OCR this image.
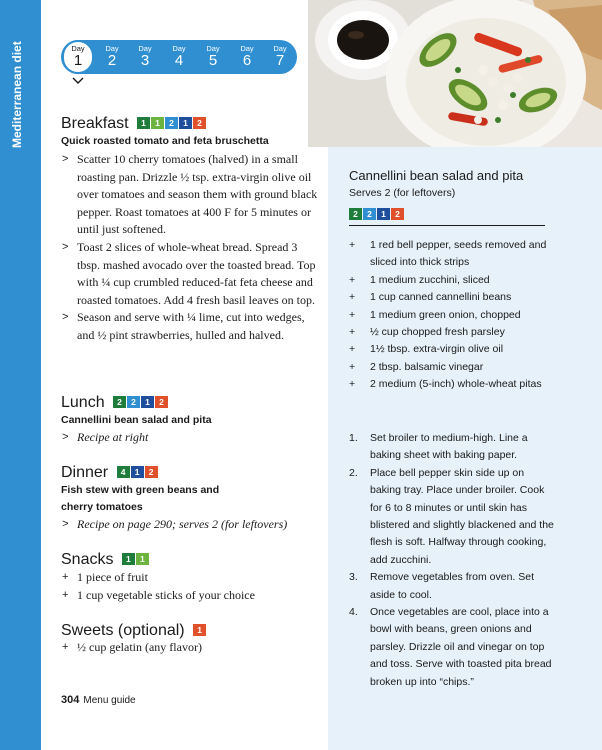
Mediterranean diet	Day
1
Day
2
Day
3
Day
4
Day
5
Day
6
Day
7
Breakfast 1 1 2 1 2
Quick roasted tomato and feta bruschetta
> Scatter 10 cherry tomatoes (halved) in a small roasting pan. Drizzle ½ tsp. extra-virgin olive oil over tomatoes and season them with ground black pepper. Roast tomatoes at 400 F for 5 minutes or until just softened.
> Toast 2 slices of whole-wheat bread. Spread 3 tbsp. mashed avocado over the toasted bread. Top with ¼ cup crumbled reduced-fat feta cheese and roasted tomatoes. Add 4 fresh basil leaves on top.
> Season and serve with ¼ lime, cut into wedges, and ½ pint strawberries, hulled and halved.
Lunch 2 2 1 2
Cannellini bean salad and pita
> Recipe at right
Dinner 4 1 2
Fish stew with green beans and
cherry tomatoes
> Recipe on page 290; serves 2 (for leftovers)
Snacks 1 1
+ 1 piece of fruit
+ 1 cup vegetable sticks of your choice
Sweets (optional) 1
+ ½ cup gelatin (any flavor)
304 Menu guide
Cannellini bean salad and pita
Serves 2 (for leftovers)
2 2 1 2
+ 1 red bell pepper, seeds removed and sliced into thick strips
+ 1 medium zucchini, sliced
+ 1 cup canned cannellini beans
+ 1 medium green onion, chopped
+ ½ cup chopped fresh parsley
+ 1½ tbsp. extra-virgin olive oil
+ 2 tbsp. balsamic vinegar
+ 2 medium (5-inch) whole-wheat pitas
1. Set broiler to medium-high. Line a baking sheet with baking paper.
2. Place bell pepper skin side up on baking tray. Place under broiler. Cook for 6 to 8 minutes or until skin has blistered and slightly blackened and the flesh is soft. Halfway through cooking, add zucchini.
3. Remove vegetables from oven. Set aside to cool.
4. Once vegetables are cool, place into a bowl with beans, green onions and parsley. Drizzle oil and vinegar on top and toss. Serve with toasted pita bread broken up into “chips.”
